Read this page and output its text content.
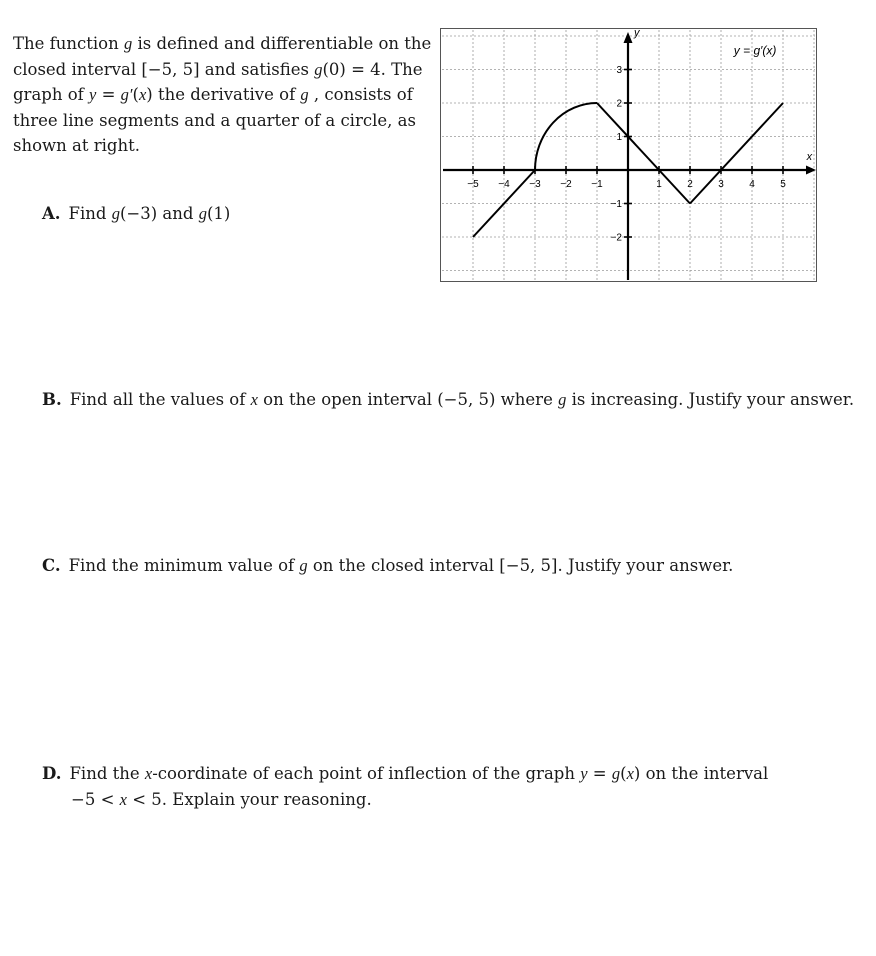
The function g is defined and differentiable on the closed interval [−5, 5] and satisfies g(0) = 4. The graph of y = g′(x) the derivative of g , consists of three line segments and a quarter of a circle, as shown at right.

−5 −4 −3 −2 −1	1	2	3	4	5
3
2
1
−1
−2
x
y
y = g′(x)

A. Find g(−3) and g(1)

B. Find all the values of x on the open interval (−5, 5) where g is increasing. Justify your answer.

C. Find the minimum value of g on the closed interval [−5, 5]. Justify your answer.

D. Find the x-coordinate of each point of inflection of the graph y = g(x) on the interval
−5 < x < 5. Explain your reasoning.
